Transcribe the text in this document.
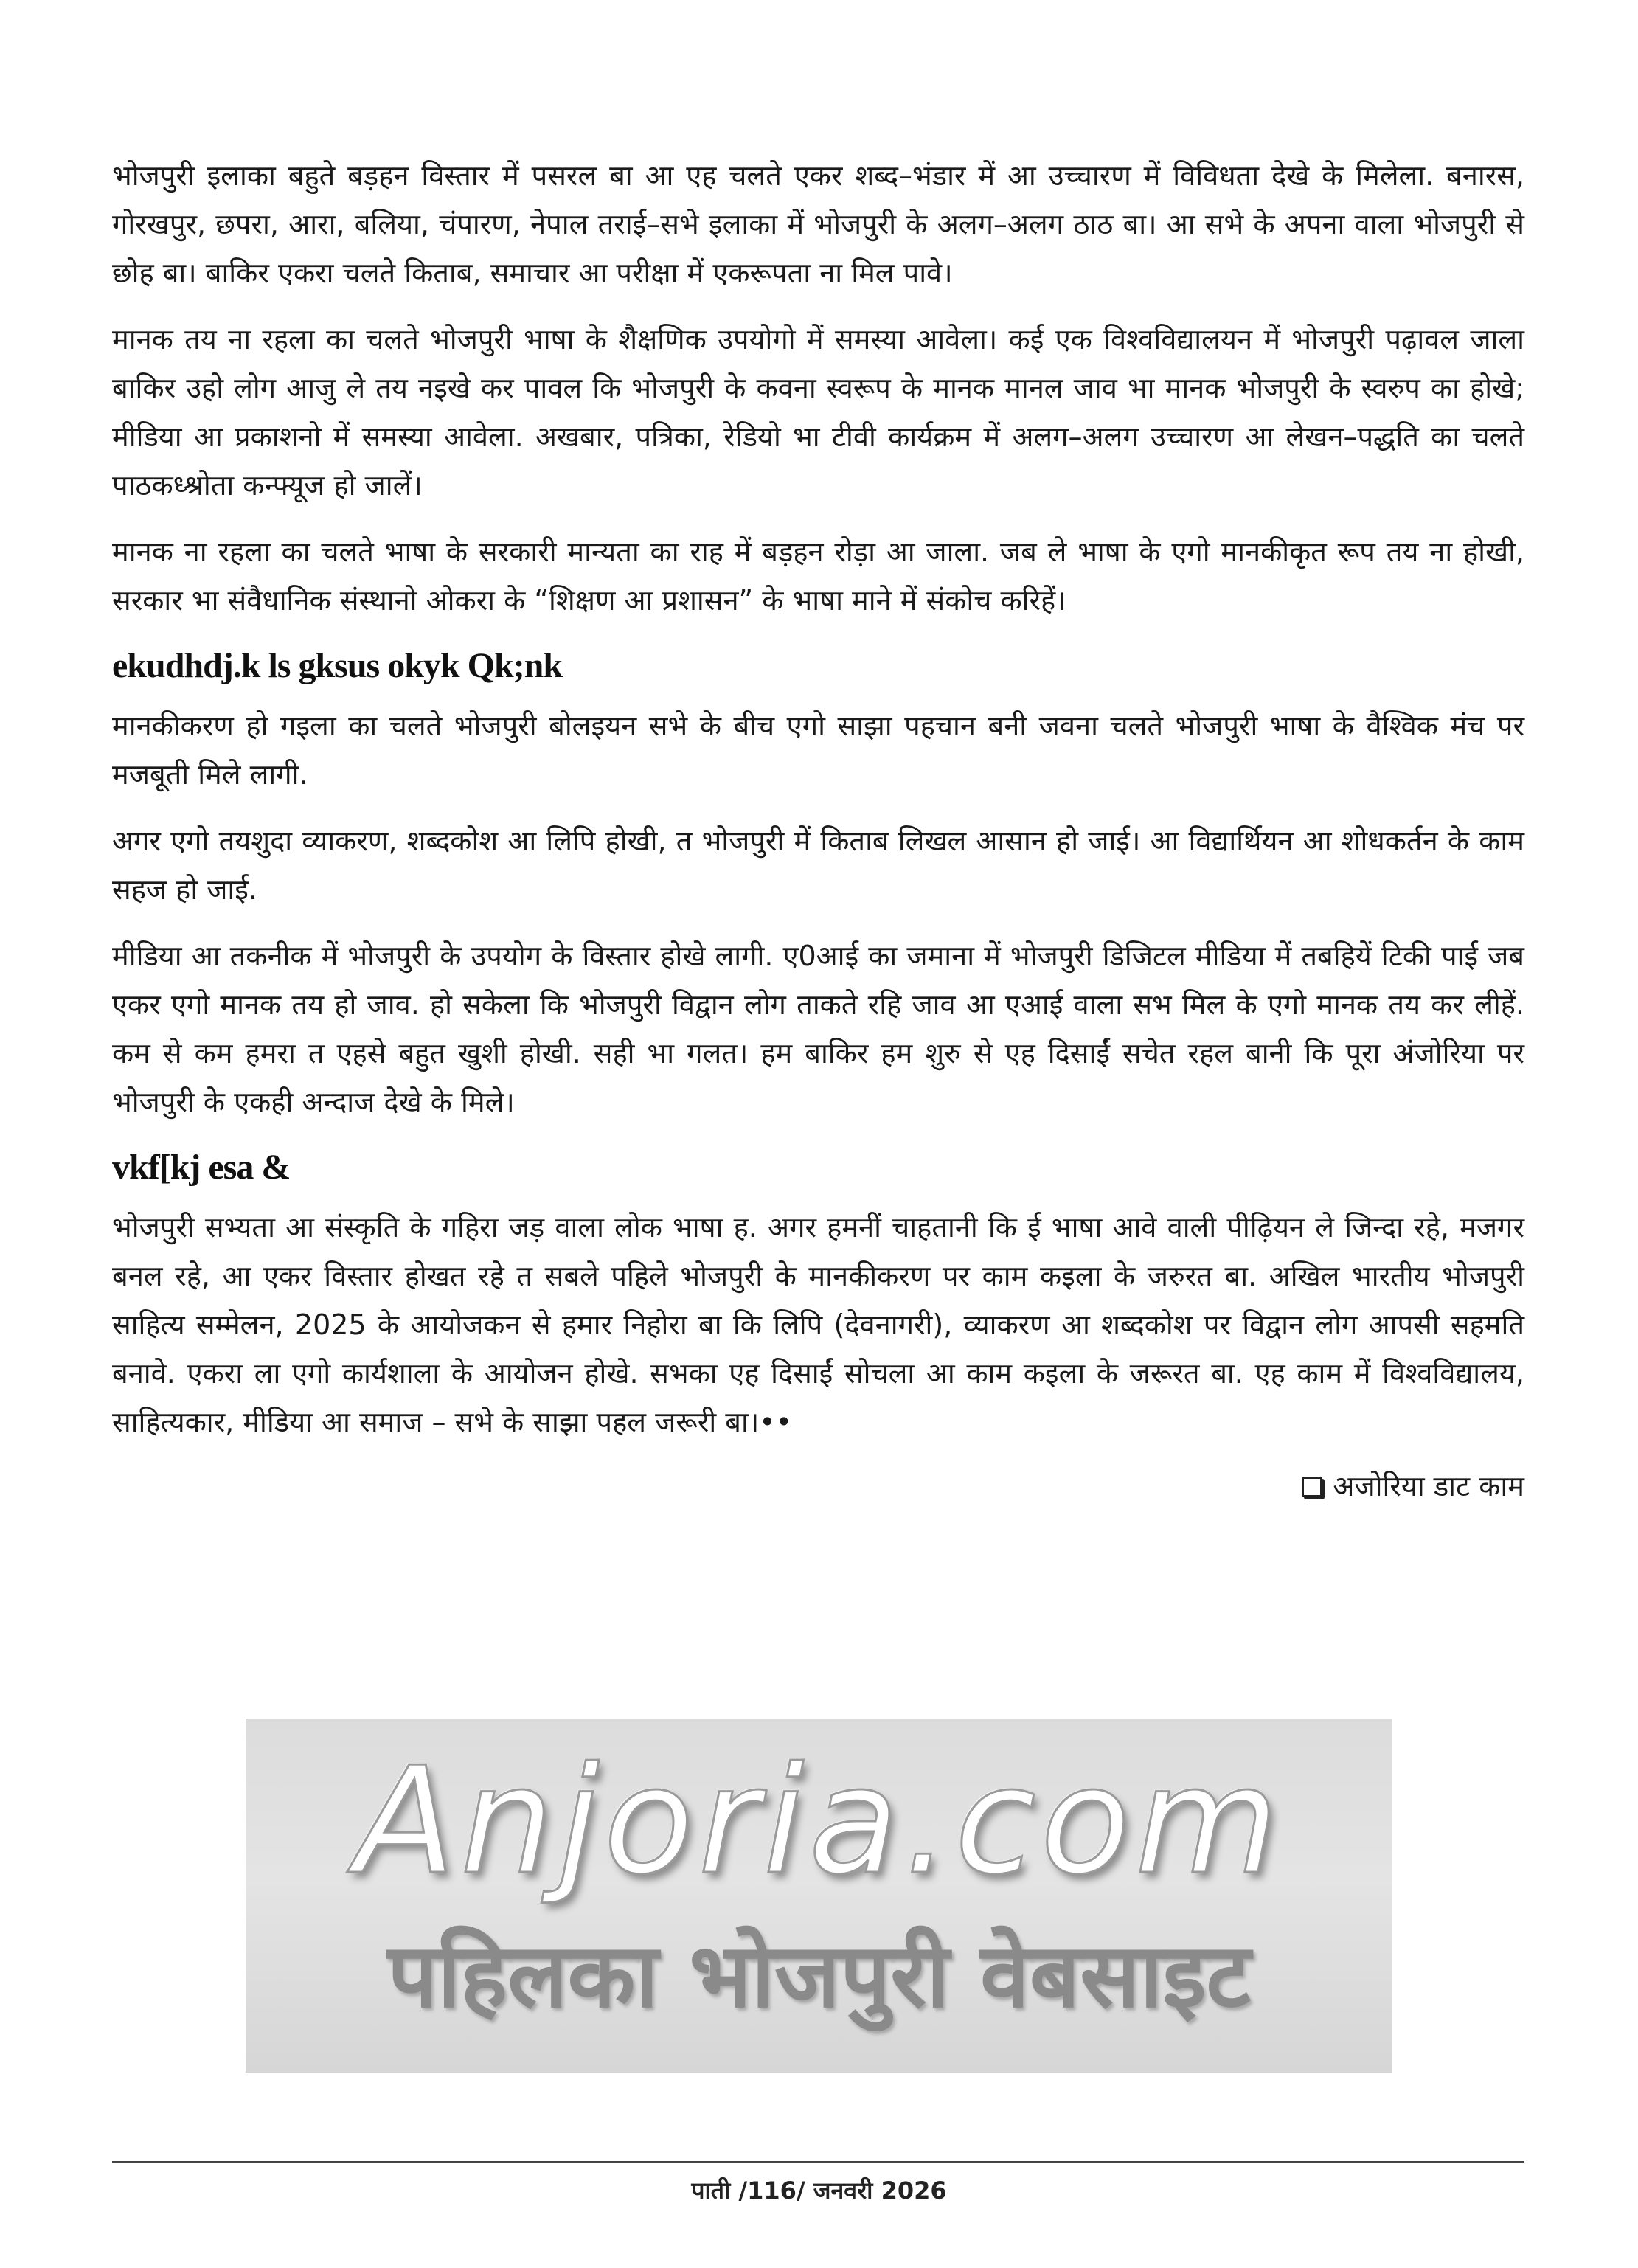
भोजपुरी इलाका बहुते बड़हन विस्तार में पसरल बा आ एह चलते एकर शब्द–भंडार में आ उच्चारण में विविधता देखे के मिलेला. बनारस, गोरखपुर, छपरा, आरा, बलिया, चंपारण, नेपाल तराई–सभे इलाका में भोजपुरी के अलग–अलग ठाठ बा। आ सभे के अपना वाला भोजपुरी से छोह बा। बाकिर एकरा चलते किताब, समाचार आ परीक्षा में एकरूपता ना मिल पावे।

मानक तय ना रहला का चलते भोजपुरी भाषा के शैक्षणिक उपयोगो में समस्या आवेला। कई एक विश्वविद्यालयन में भोजपुरी पढ़ावल जाला बाकिर उहो लोग आजु ले तय नइखे कर पावल कि भोजपुरी के कवना स्वरूप के मानक मानल जाव भा मानक भोजपुरी के स्वरुप का होखे; मीडिया आ प्रकाशनो में समस्या आवेला. अखबार, पत्रिका, रेडियो भा टीवी कार्यक्रम में अलग–अलग उच्चारण आ लेखन–पद्धति का चलते पाठकध्श्रोता कन्फ्यूज हो जालें।

मानक ना रहला का चलते भाषा के सरकारी मान्यता का राह में बड़हन रोड़ा आ जाला. जब ले भाषा के एगो मानकीकृत रूप तय ना होखी, सरकार भा संवैधानिक संस्थानो ओकरा के “शिक्षण आ प्रशासन” के भाषा माने में संकोच करिहें।

ekudhdj.k ls gksus okyk Qk;nk

मानकीकरण हो गइला का चलते भोजपुरी बोलइयन सभे के बीच एगो साझा पहचान बनी जवना चलते भोजपुरी भाषा के वैश्विक मंच पर मजबूती मिले लागी.

अगर एगो तयशुदा व्याकरण, शब्दकोश आ लिपि होखी, त भोजपुरी में किताब लिखल आसान हो जाई। आ विद्यार्थियन आ शोधकर्तन के काम सहज हो जाई.

मीडिया आ तकनीक में भोजपुरी के उपयोग के विस्तार होखे लागी. ए0आई का जमाना में भोजपुरी डिजिटल मीडिया में तबहियें टिकी पाई जब एकर एगो मानक तय हो जाव. हो सकेला कि भोजपुरी विद्वान लोग ताकते रहि जाव आ एआई वाला सभ मिल के एगो मानक तय कर लीहें. कम से कम हमरा त एहसे बहुत खुशी होखी. सही भा गलत। हम बाकिर हम शुरु से एह दिसाईं सचेत रहल बानी कि पूरा अंजोरिया पर भोजपुरी के एकही अन्दाज देखे के मिले।

vkf[kj esa &

भोजपुरी सभ्यता आ संस्कृति के गहिरा जड़ वाला लोक भाषा ह. अगर हमनीं चाहतानी कि ई भाषा आवे वाली पीढ़ियन ले जिन्दा रहे, मजगर बनल रहे, आ एकर विस्तार होखत रहे त सबले पहिले भोजपुरी के मानकीकरण पर काम कइला के जरुरत बा. अखिल भारतीय भोजपुरी साहित्य सम्मेलन, 2025 के आयोजकन से हमार निहोरा बा कि लिपि (देवनागरी), व्याकरण आ शब्दकोश पर विद्वान लोग आपसी सहमति बनावे. एकरा ला एगो कार्यशाला के आयोजन होखे. सभका एह दिसाईं सोचला आ काम कइला के जरूरत बा. एह काम में विश्वविद्यालय, साहित्यकार, मीडिया आ समाज – सभे के साझा पहल जरूरी बा।••

अजोरिया डाट काम
Anjoria.com
पहिलका भोजपुरी वेबसाइट
पाती /116/ जनवरी 2026
